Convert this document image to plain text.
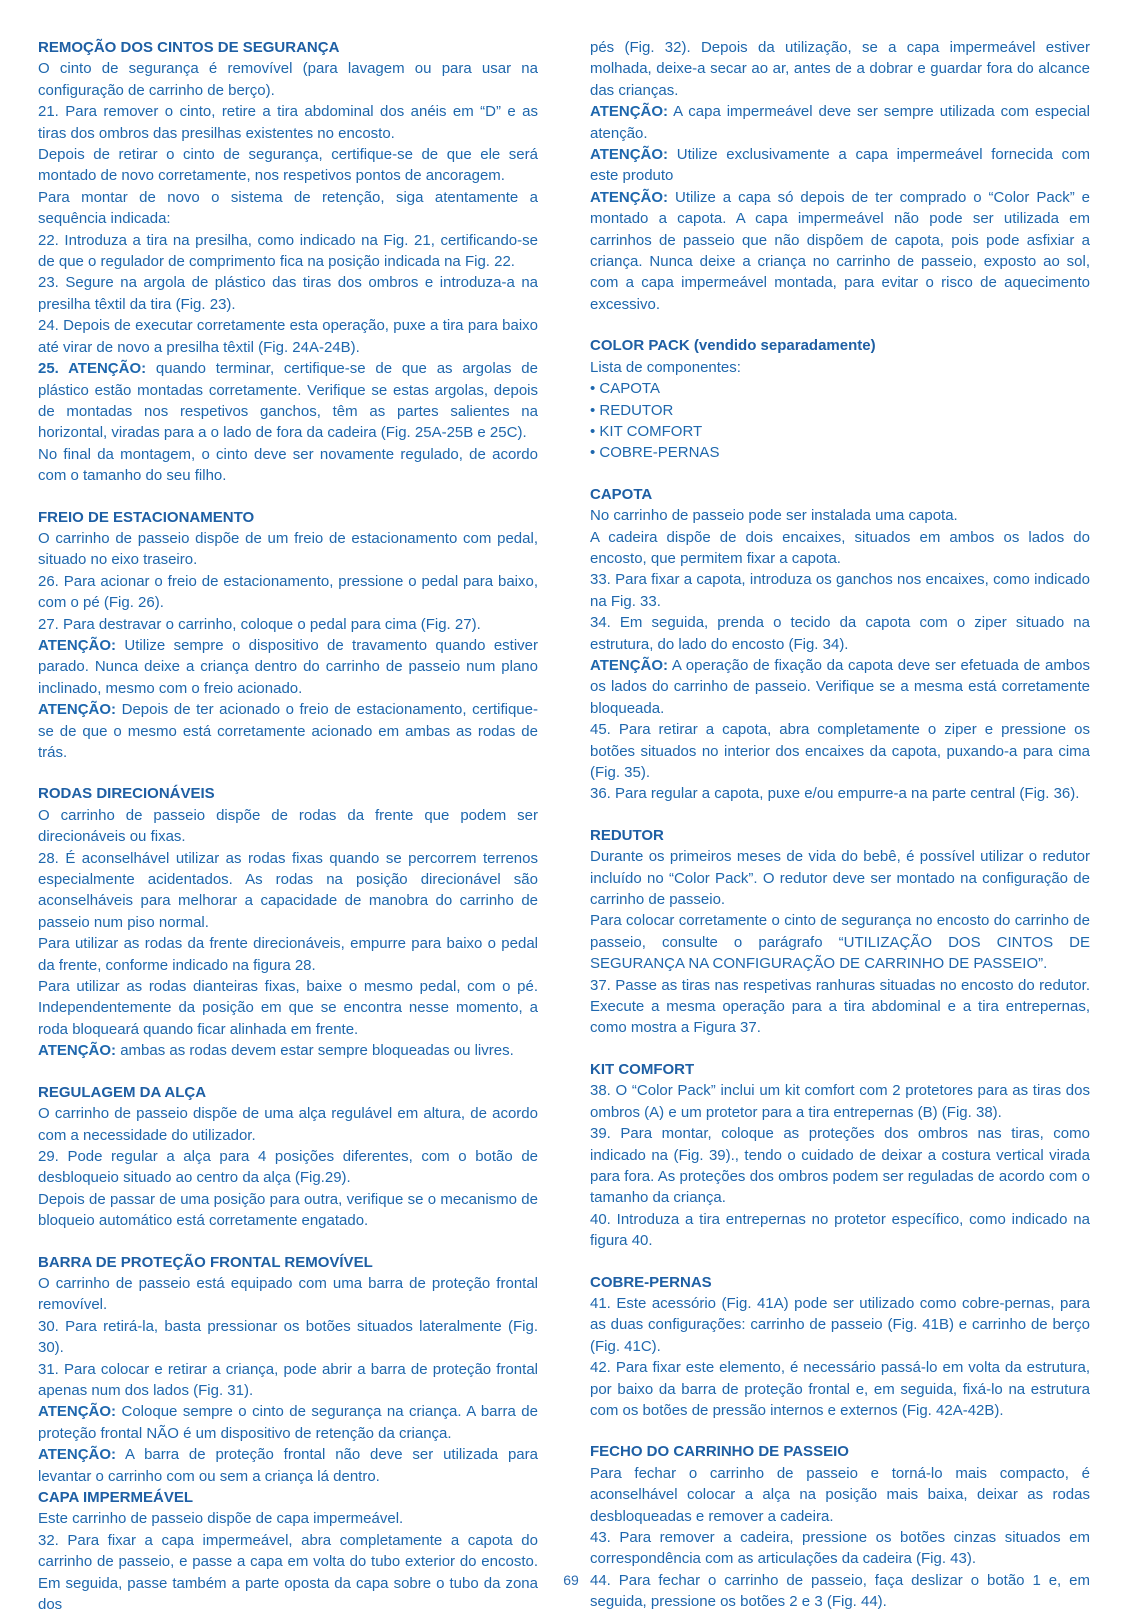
REMOÇÃO DOS CINTOS DE SEGURANÇA

O cinto de segurança é removível (para lavagem ou para usar na configuração de carrinho de berço).

21. Para remover o cinto, retire a tira abdominal dos anéis em “D” e as tiras dos ombros das presilhas existentes no encosto.

Depois de retirar o cinto de segurança, certifique-se de que ele será montado de novo corretamente, nos respetivos pontos de ancoragem.

Para montar de novo o sistema de retenção, siga atentamente a sequência indicada:

22. Introduza a tira na presilha, como indicado na Fig. 21, certificando-se de que o regulador de comprimento fica na posição indicada na Fig. 22.

23. Segure na argola de plástico das tiras dos ombros e introduza-a na presilha têxtil da tira (Fig. 23).

24. Depois de executar corretamente esta operação, puxe a tira para baixo até virar de novo a presilha têxtil (Fig. 24A-24B).

25. ATENÇÃO: quando terminar, certifique-se de que as argolas de plástico estão montadas corretamente. Verifique se estas argolas, depois de montadas nos respetivos ganchos, têm as partes salientes na horizontal, viradas para a o lado de fora da cadeira (Fig. 25A-25B e 25C).

No final da montagem, o cinto deve ser novamente regulado, de acordo com o tamanho do seu filho.

FREIO DE ESTACIONAMENTO

O carrinho de passeio dispõe de um freio de estacionamento com pedal, situado no eixo traseiro.

26. Para acionar o freio de estacionamento, pressione o pedal para baixo, com o pé (Fig. 26).

27. Para destravar o carrinho, coloque o pedal para cima (Fig. 27).

ATENÇÃO: Utilize sempre o dispositivo de travamento quando estiver parado. Nunca deixe a criança dentro do carrinho de passeio num plano inclinado, mesmo com o freio acionado.

ATENÇÃO: Depois de ter acionado o freio de estacionamento, certifique-se de que o mesmo está corretamente acionado em ambas as rodas de trás.

RODAS DIRECIONÁVEIS

O carrinho de passeio dispõe de rodas da frente que podem ser direcionáveis ou fixas.

28. É aconselhável utilizar as rodas fixas quando se percorrem terrenos especialmente acidentados. As rodas na posição direcionável são aconselháveis para melhorar a capacidade de manobra do carrinho de passeio num piso normal.

Para utilizar as rodas da frente direcionáveis, empurre para baixo o pedal da frente, conforme indicado na figura 28.

Para utilizar as rodas dianteiras fixas, baixe o mesmo pedal, com o pé. Independentemente da posição em que se encontra nesse momento, a roda bloqueará quando ficar alinhada em frente.

ATENÇÃO: ambas as rodas devem estar sempre bloqueadas ou livres.

REGULAGEM DA ALÇA

O carrinho de passeio dispõe de uma alça regulável em altura, de acordo com a necessidade do utilizador.

29. Pode regular a alça para 4 posições diferentes, com o botão de desbloqueio situado ao centro da alça (Fig.29).

Depois de passar de uma posição para outra, verifique se o mecanismo de bloqueio automático está corretamente engatado.

BARRA DE PROTEÇÃO FRONTAL REMOVÍVEL

O carrinho de passeio está equipado com uma barra de proteção frontal removível.

30. Para retirá-la, basta pressionar os botões situados lateralmente (Fig. 30).

31. Para colocar e retirar a criança, pode abrir a barra de proteção frontal apenas num dos lados (Fig. 31).

ATENÇÃO: Coloque sempre o cinto de segurança na criança. A barra de proteção frontal NÃO é um dispositivo de retenção da criança.

ATENÇÃO: A barra de proteção frontal não deve ser utilizada para levantar o carrinho com ou sem a criança lá dentro.

CAPA IMPERMEÁVEL

Este carrinho de passeio dispõe de capa impermeável.

32. Para fixar a capa impermeável, abra completamente a capota do carrinho de passeio, e passe a capa em volta do tubo exterior do encosto. Em seguida, passe também a parte oposta da capa sobre o tubo da zona dos

pés (Fig. 32). Depois da utilização, se a capa impermeável estiver molhada, deixe-a secar ao ar, antes de a dobrar e guardar fora do alcance das crianças.

ATENÇÃO: A capa impermeável deve ser sempre utilizada com especial atenção.

ATENÇÃO: Utilize exclusivamente a capa impermeável fornecida com este produto

ATENÇÃO: Utilize a capa só depois de ter comprado o “Color Pack” e montado a capota. A capa impermeável não pode ser utilizada em carrinhos de passeio que não dispõem de capota, pois pode asfixiar a criança. Nunca deixe a criança no carrinho de passeio, exposto ao sol, com a capa impermeável montada, para evitar o risco de aquecimento excessivo.

COLOR PACK (vendido separadamente)

Lista de componentes:

• CAPOTA
• REDUTOR
• KIT COMFORT
• COBRE-PERNAS
CAPOTA

No carrinho de passeio pode ser instalada uma capota.

A cadeira dispõe de dois encaixes, situados em ambos os lados do encosto, que permitem fixar a capota.

33. Para fixar a capota, introduza os ganchos nos encaixes, como indicado na Fig. 33.

34. Em seguida, prenda o tecido da capota com o ziper situado na estrutura, do lado do encosto (Fig. 34).

ATENÇÃO: A operação de fixação da capota deve ser efetuada de ambos os lados do carrinho de passeio. Verifique se a mesma está corretamente bloqueada.

45. Para retirar a capota, abra completamente o ziper e pressione os botões situados no interior dos encaixes da capota, puxando-a para cima (Fig. 35).

36. Para regular a capota, puxe e/ou empurre-a na parte central (Fig. 36).

REDUTOR

Durante os primeiros meses de vida do bebê, é possível utilizar o redutor incluído no “Color Pack”. O redutor deve ser montado na configuração de carrinho de passeio.

Para colocar corretamente o cinto de segurança no encosto do carrinho de passeio, consulte o parágrafo “UTILIZAÇÃO DOS CINTOS DE SEGURANÇA NA CONFIGURAÇÃO DE CARRINHO DE PASSEIO”.

37. Passe as tiras nas respetivas ranhuras situadas no encosto do redutor. Execute a mesma operação para a tira abdominal e a tira entrepernas, como mostra a Figura 37.

KIT COMFORT

38. O “Color Pack” inclui um kit comfort com 2 protetores para as tiras dos ombros (A) e um protetor para a tira entrepernas (B) (Fig. 38).

39. Para montar, coloque as proteções dos ombros nas tiras, como indicado na (Fig. 39)., tendo o cuidado de deixar a costura vertical virada para fora. As proteções dos ombros podem ser reguladas de acordo com o tamanho da criança.

40. Introduza a tira entrepernas no protetor específico, como indicado na figura 40.

COBRE-PERNAS

41. Este acessório (Fig. 41A) pode ser utilizado como cobre-pernas, para as duas configurações: carrinho de passeio (Fig. 41B) e carrinho de berço (Fig. 41C).

42. Para fixar este elemento, é necessário passá-lo em volta da estrutura, por baixo da barra de proteção frontal e, em seguida, fixá-lo na estrutura com os botões de pressão internos e externos (Fig. 42A-42B).

FECHO DO CARRINHO DE PASSEIO

Para fechar o carrinho de passeio e torná-lo mais compacto, é aconselhável colocar a alça na posição mais baixa, deixar as rodas desbloqueadas e remover a cadeira.

43. Para remover a cadeira, pressione os botões cinzas situados em correspondência com as articulações da cadeira (Fig. 43).

44. Para fechar o carrinho de passeio, faça deslizar o botão 1 e, em seguida, pressione os botões 2 e 3 (Fig. 44).

69
